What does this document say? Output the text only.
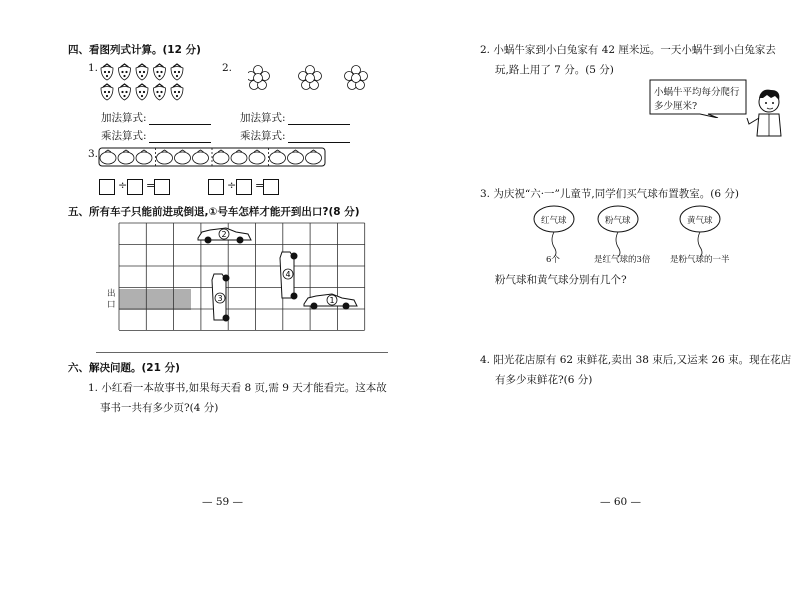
四、看图列式计算。(12 分)
1.	2.
加法算式:
乘法算式:
加法算式:
乘法算式:
3.
÷ =	÷ =
五、所有车子只能前进或倒退,①号车怎样才能开到出口?(8 分)
出口
2
1
3
4
六、解决问题。(21 分)
1. 小红看一本故事书,如果每天看 8 页,需 9 天才能看完。这本故
事书一共有多少页?(4 分)
— 59 —
2. 小蜗牛家到小白兔家有 42 厘米远。一天小蜗牛到小白兔家去
玩,路上用了 7 分。(5 分)
小蜗牛平均每分爬行
多少厘米?
3. 为庆祝“六·一”儿童节,同学们买气球布置教室。(6 分)
红气球	粉气球	黄气球
6个	是红气球的3倍 是粉气球的一半
粉气球和黄气球分别有几个?
4. 阳光花店原有 62 束鲜花,卖出 38 束后,又运来 26 束。现在花店
有多少束鲜花?(6 分)
— 60 —
